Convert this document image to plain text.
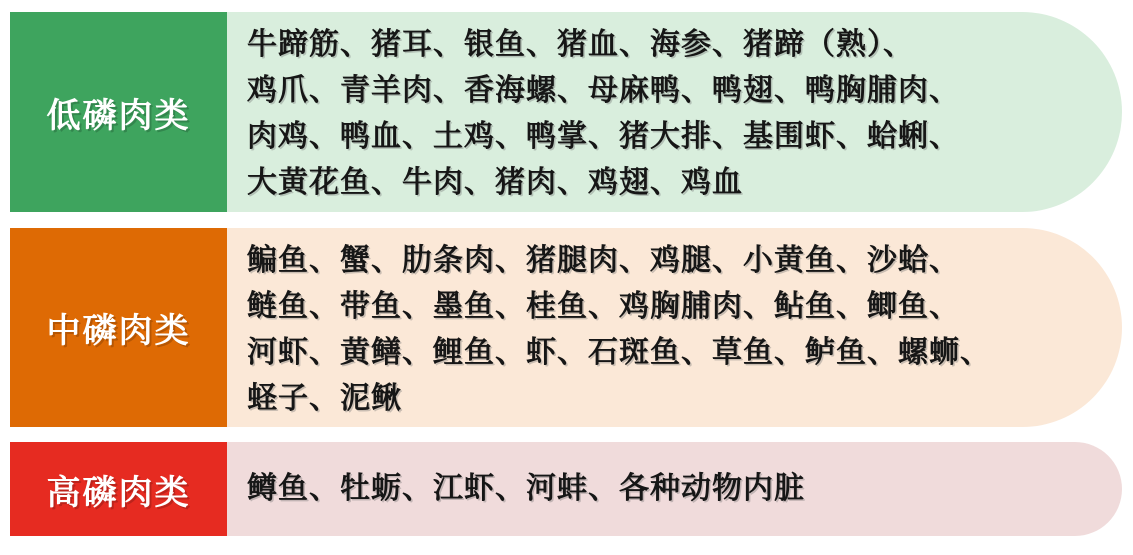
低磷肉类
牛蹄筋、猪耳、银鱼、猪血、海参、猪蹄（熟）、
鸡爪、青羊肉、香海螺、母麻鸭、鸭翅、鸭胸脯肉、
肉鸡、鸭血、土鸡、鸭掌、猪大排、基围虾、蛤蜊、
大黄花鱼、牛肉、猪肉、鸡翅、鸡血
中磷肉类
鳊鱼、蟹、肋条肉、猪腿肉、鸡腿、小黄鱼、沙蛤、
鲢鱼、带鱼、墨鱼、桂鱼、鸡胸脯肉、鲇鱼、鲫鱼、
河虾、黄鳝、鲤鱼、虾、石斑鱼、草鱼、鲈鱼、螺蛳、
蛏子、泥鳅
高磷肉类 鳟鱼、牡蛎、江虾、河蚌、各种动物内脏
